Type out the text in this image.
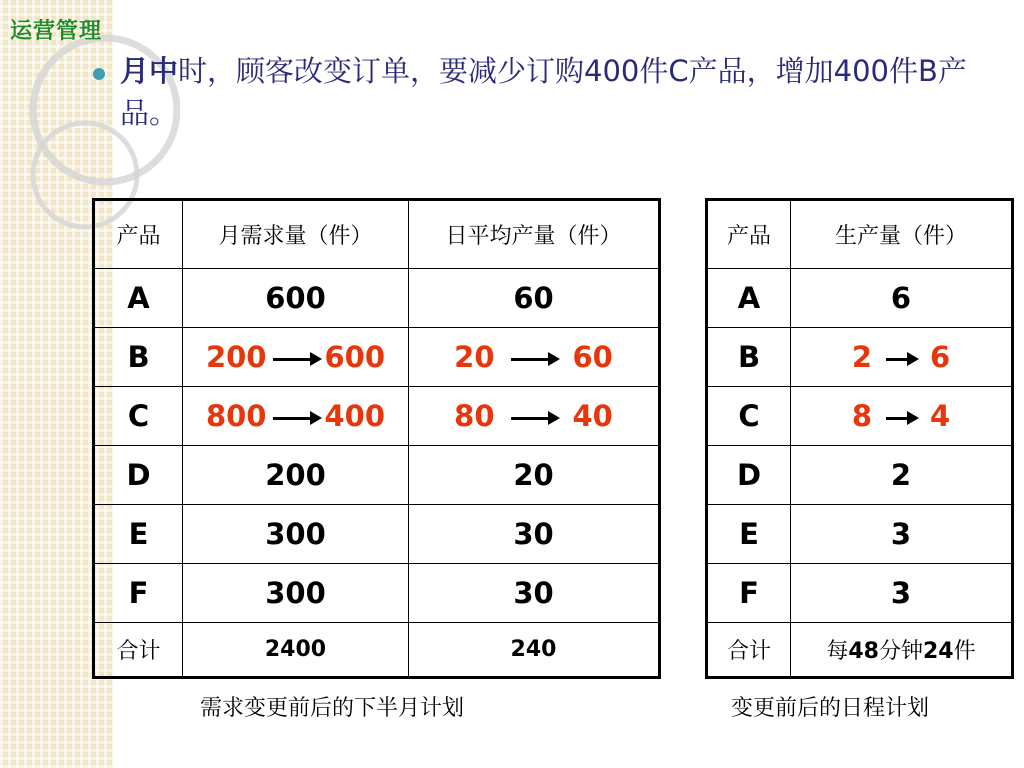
运营管理
月中时，顾客改变订单，要减少订购400件C产品，增加400件B产品。
产品	月需求量（件）	日平均产量（件）
A	600	60
B	200 600	20 60
C	800 400	80 40
D	200	20
E	300	30
F	300	30
合计	2400	240
需求变更前后的下半月计划
产品	生产量（件）
A	6
B	2 6
C	8 4
D	2
E	3
F	3
合计	每48分钟24件
变更前后的日程计划
